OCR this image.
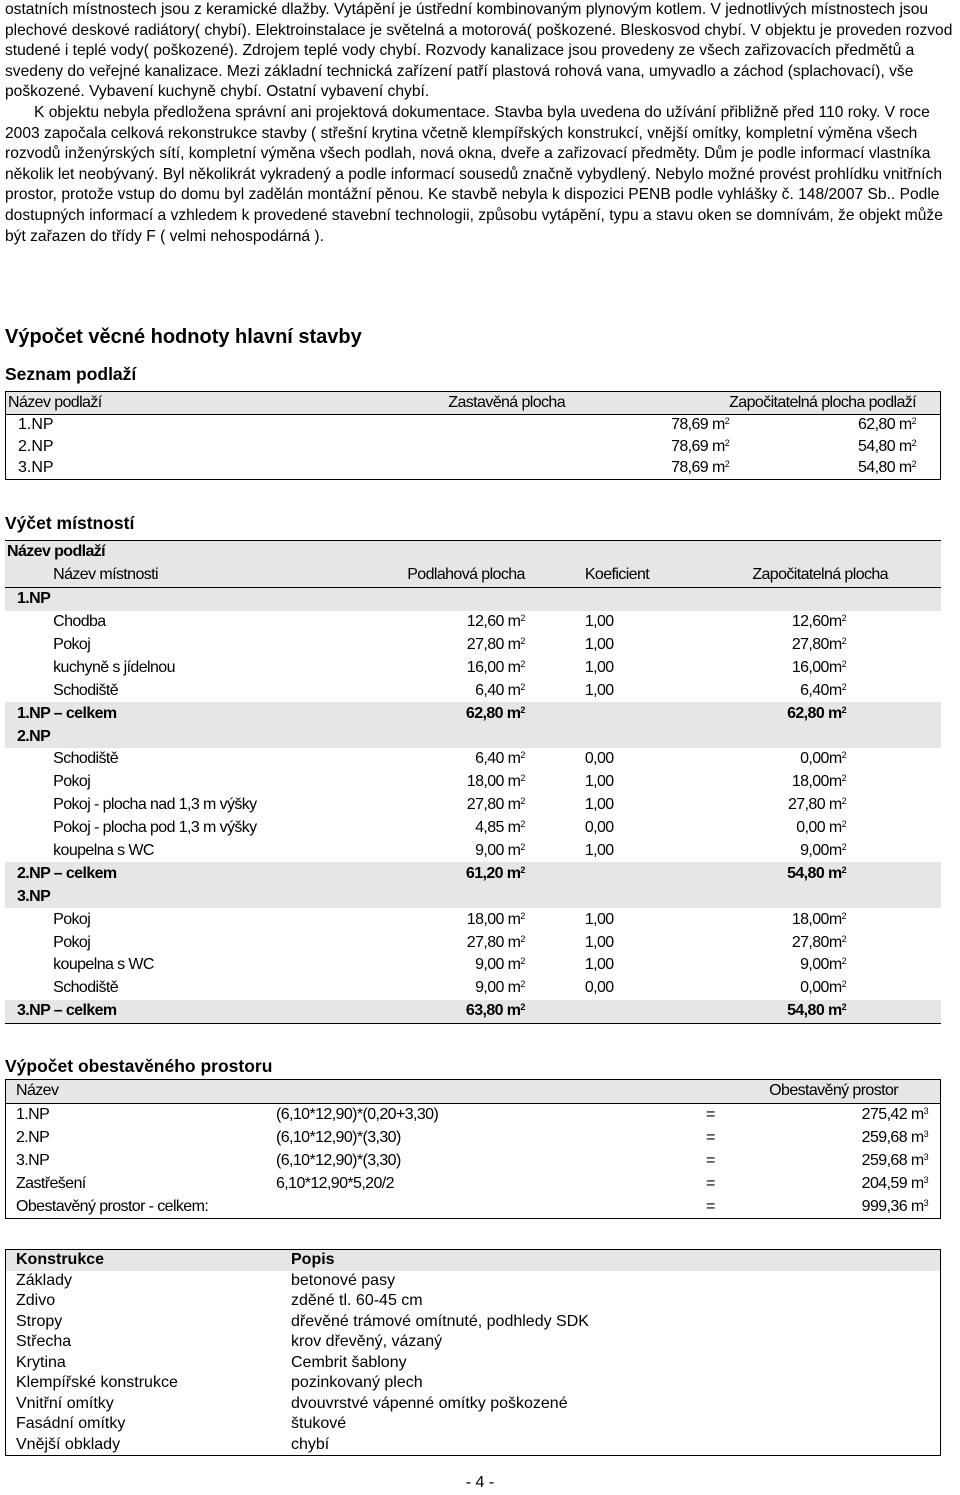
ostatních místnostech jsou z keramické dlažby. Vytápění je ústřední kombinovaným plynovým kotlem. V jednotlivých místnostech jsou plechové deskové radiátory( chybí). Elektroinstalace je světelná a motorová( poškozené. Bleskosvod chybí. V objektu je proveden rozvod studené i teplé vody( poškozené). Zdrojem teplé vody chybí. Rozvody kanalizace jsou provedeny ze všech zařizovacích předmětů a svedeny do veřejné kanalizace. Mezi základní technická zařízení patří plastová rohová vana, umyvadlo a záchod (splachovací), vše poškozené. Vybavení kuchyně chybí. Ostatní vybavení chybí.

K objektu nebyla předložena správní ani projektová dokumentace. Stavba byla uvedena do užívání přibližně před 110 roky. V roce 2003 započala celková rekonstrukce stavby ( střešní krytina včetně klempířských konstrukcí, vnější omítky, kompletní výměna všech rozvodů inženýrských sítí, kompletní výměna všech podlah, nová okna, dveře a zařizovací předměty. Dům je podle informací vlastníka několik let neobývaný. Byl několikrát vykradený a podle informací sousedů značně vybydlený. Nebylo možné provést prohlídku vnitřních prostor, protože vstup do domu byl zadělán montážní pěnou. Ke stavbě nebyla k dispozici PENB podle vyhlášky č. 148/2007 Sb.. Podle dostupných informací a vzhledem k provedené stavební technologii, způsobu vytápění, typu a stavu oken se domnívám, že objekt může být zařazen do třídy F ( velmi nehospodárná ).

Výpočet věcné hodnoty hlavní stavby
Seznam podlaží
Název podlaží	Zastavěná plocha	Započitatelná plocha podlaží
1.NP	78,69 $m^2$	62,80 $m^2$
2.NP	78,69 $m^2$	54,80 $m^2$
3.NP	78,69 $m^2$	54,80 $m^2$
Výčet místností
Název podlaží				
	Název místnosti	Podlahová plocha	Koeficient	Započitatelná plocha
1.NP				
	Chodba	12,60 $m^2$	1,00	$12,60m^2$
	Pokoj	27,80 $m^2$	1,00	$27,80m^2$
	kuchyně s jídelnou	16,00 $m^2$	1,00	$16,00m^2$
	Schodiště	6,40 $m^2$	1,00	$6,40m^2$
1.NP – celkem		62,80 $m^2$		62,80 $m^2$
2.NP				
	Schodiště	6,40 $m^2$	0,00	$0,00m^2$
	Pokoj	18,00 $m^2$	1,00	$18,00m^2$
	Pokoj - plocha nad 1,3 m výšky	27,80 $m^2$	1,00	27,80 $m^2$
	Pokoj - plocha pod 1,3 m výšky	4,85 $m^2$	0,00	0,00 $m^2$
	koupelna s WC	9,00 $m^2$	1,00	$9,00m^2$
2.NP – celkem		61,20 $m^2$		54,80 $m^2$
3.NP				
	Pokoj	18,00 $m^2$	1,00	$18,00m^2$
	Pokoj	27,80 $m^2$	1,00	$27,80m^2$
	koupelna s WC	9,00 $m^2$	1,00	$9,00m^2$
	Schodiště	9,00 $m^2$	0,00	$0,00m^2$
3.NP – celkem		63,80 $m^2$		54,80 $m^2$
Výpočet obestavěného prostoru
Název			Obestavěný prostor
1.NP	(6,10*12,90)*(0,20+3,30)	=	275,42 $m^3$
2.NP	(6,10*12,90)*(3,30)	=	259,68 $m^3$
3.NP	(6,10*12,90)*(3,30)	=	259,68 $m^3$
Zastřešení	6,10*12,90*5,20/2	=	204,59 $m^3$
Obestavěný prostor - celkem:		=	999,36 $m^3$
Konstrukce	Popis
Základy	betonové pasy
Zdivo	zděné tl. 60-45 cm
Stropy	dřevěné trámové omítnuté, podhledy SDK
Střecha	krov dřevěný, vázaný
Krytina	Cembrit šablony
Klempířské konstrukce	pozinkovaný plech
Vnitřní omítky	dvouvrstvé vápenné omítky poškozené
Fasádní omítky	štukové
Vnější obklady	chybí
- 4 -
